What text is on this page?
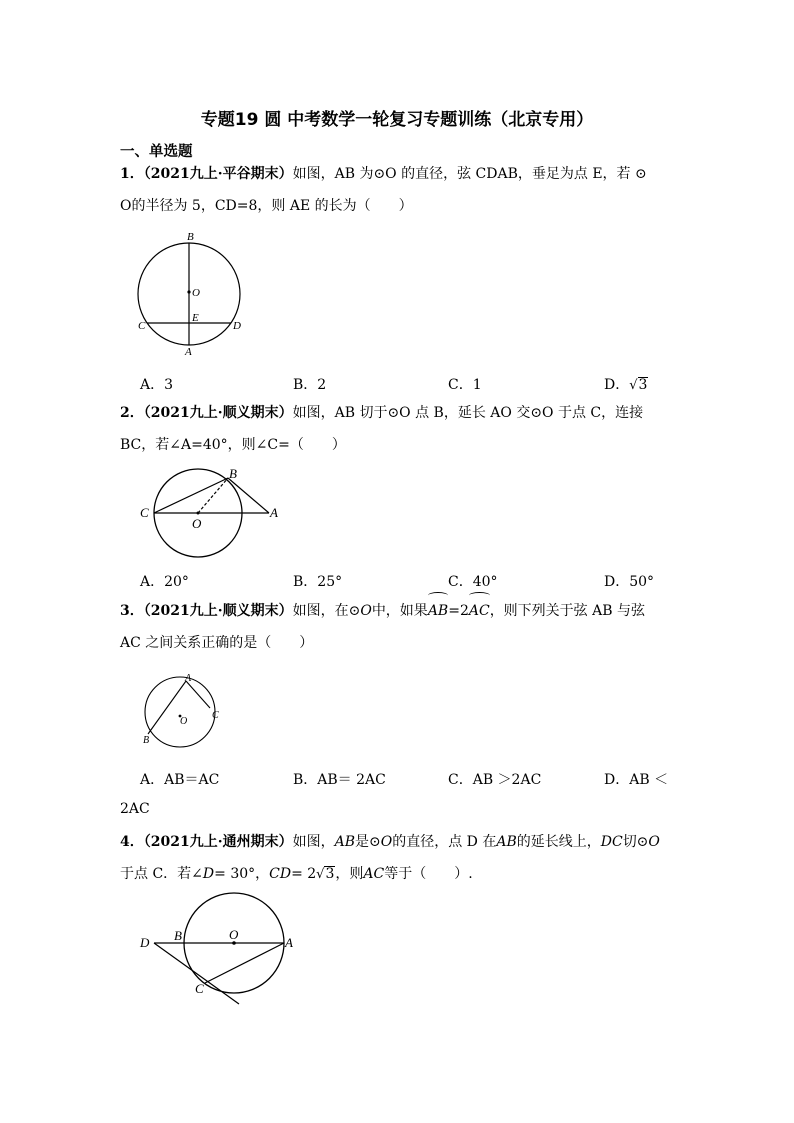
专题19 圆 中考数学一轮复习专题训练（北京专用）
一、单选题
1．（2021九上·平谷期末）如图，AB 为⊙O 的直径，弦 CDAB，垂足为点 E，若 ⊙
O的半径为 5，CD=8，则 AE 的长为（　　）
B
O
C
E
D
A
A．3	B．2	C．1	D．√3
2．（2021九上·顺义期末）如图，AB 切于⊙O 点 B，延长 AO 交⊙O 于点 C，连接
BC，若∠A=40°，则∠C=（　　）
B
C
O
A
A．20°	B．25°	C．40°	D．50°
3．（2021九上·顺义期末）如图，在⊙O中，如果AB=2AC，则下列关于弦 AB 与弦
AC 之间关系正确的是（　　）
A
O
C
B
A．AB＝AC	B．AB＝ 2AC	C．AB ＞2AC	D．AB ＜
2AC
4．（2021九上·通州期末）如图，AB是⊙O的直径，点 D 在AB的延长线上，DC切⊙O
于点 C．若∠D= 30°，CD= 2√3，则AC等于（　　）.
D B	O
A
C
